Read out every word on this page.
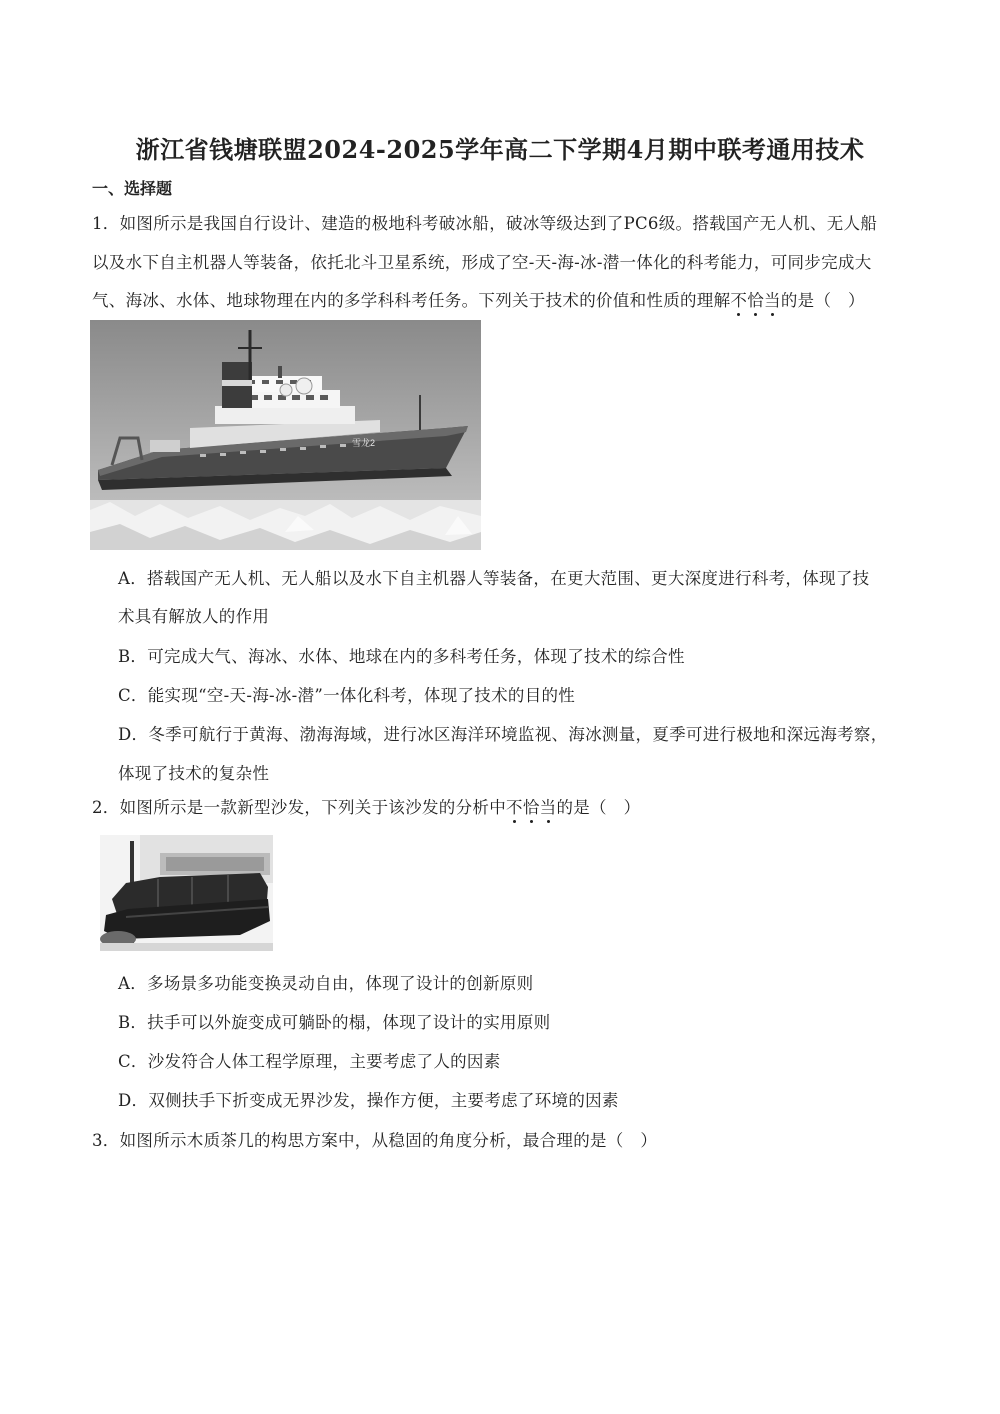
浙江省钱塘联盟2024-2025学年高二下学期4月期中联考通用技术
一、选择题
1．如图所示是我国自行设计、建造的极地科考破冰船，破冰等级达到了PC6级。搭载国产无人机、无人船
以及水下自主机器人等装备，依托北斗卫星系统，形成了空-天-海-冰-潜一体化的科考能力，可同步完成大
气、海冰、水体、地球物理在内的多学科科考任务。下列关于技术的价值和性质的理解不恰当的是（　）
雪龙2
A．搭载国产无人机、无人船以及水下自主机器人等装备，在更大范围、更大深度进行科考，体现了技
术具有解放人的作用
B．可完成大气、海冰、水体、地球在内的多科考任务，体现了技术的综合性
C．能实现“空-天-海-冰-潜”一体化科考，体现了技术的目的性
D．冬季可航行于黄海、渤海海域，进行冰区海洋环境监视、海冰测量，夏季可进行极地和深远海考察，
体现了技术的复杂性
2．如图所示是一款新型沙发，下列关于该沙发的分析中不恰当的是（　）
A．多场景多功能变换灵动自由，体现了设计的创新原则
B．扶手可以外旋变成可躺卧的榻，体现了设计的实用原则
C．沙发符合人体工程学原理，主要考虑了人的因素
D．双侧扶手下折变成无界沙发，操作方便，主要考虑了环境的因素
3．如图所示木质茶几的构思方案中，从稳固的角度分析，最合理的是（　）
